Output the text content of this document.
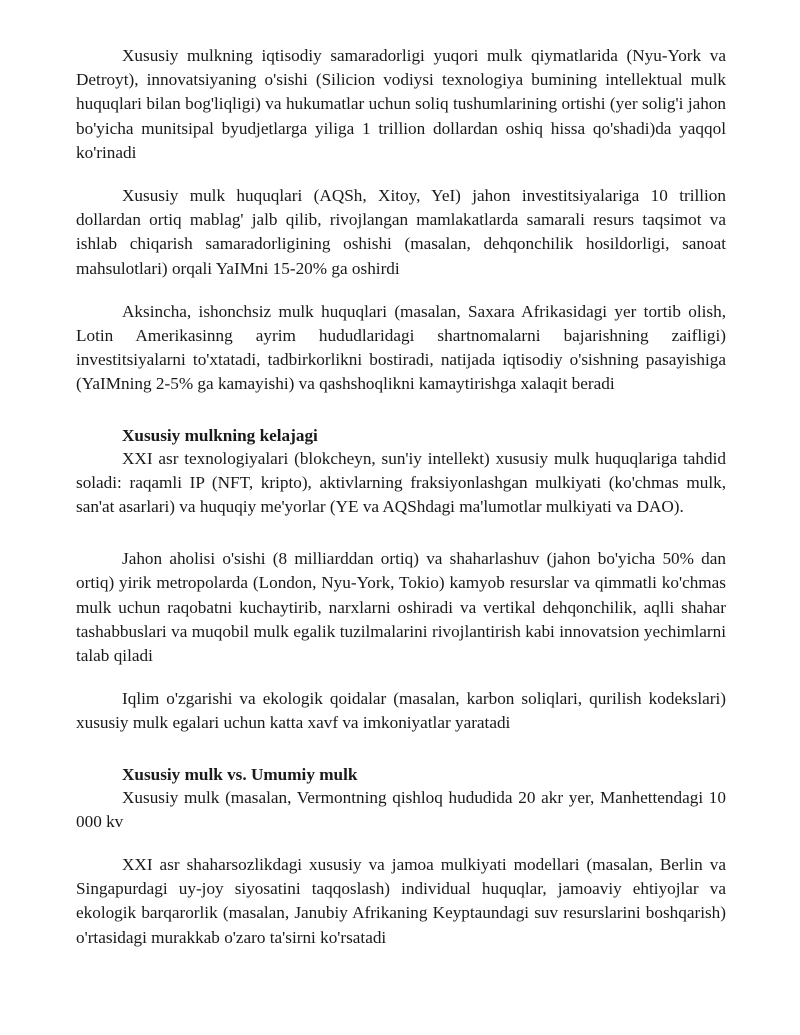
Xususiy mulkning iqtisodiy samaradorligi yuqori mulk qiymatlarida (Nyu-York va Detroyt), innovatsiyaning o'sishi (Silicion vodiysi texnologiya bumining intellektual mulk huquqlari bilan bog'liqligi) va hukumatlar uchun soliq tushumlarining ortishi (yer solig'i jahon bo'yicha munitsipal byudjetlarga yiliga 1 trillion dollardan oshiq hissa qo'shadi)da yaqqol ko'rinadi

Xususiy mulk huquqlari (AQSh, Xitoy, YeI) jahon investitsiyalariga 10 trillion dollardan ortiq mablag' jalb qilib, rivojlangan mamlakatlarda samarali resurs taqsimot va ishlab chiqarish samaradorligining oshishi (masalan, dehqonchilik hosildorligi, sanoat mahsulotlari) orqali YaIMni 15-20% ga oshirdi

Aksincha, ishonchsiz mulk huquqlari (masalan, Saxara Afrikasidagi yer tortib olish, Lotin Amerikasinng ayrim hududlaridagi shartnomalarni bajarishning zaifligi) investitsiyalarni to'xtatadi, tadbirkorlikni bostiradi, natijada iqtisodiy o'sishning pasayishiga (YaIMning 2-5% ga kamayishi) va qashshoqlikni kamaytirishga xalaqit beradi

Xususiy mulkning kelajagi

XXI asr texnologiyalari (blokcheyn, sun'iy intellekt) xususiy mulk huquqlariga tahdid soladi: raqamli IP (NFT, kripto), aktivlarning fraksiyonlashgan mulkiyati (ko'chmas mulk, san'at asarlari) va huquqiy me'yorlar (YE va AQShdagi ma'lumotlar mulkiyati va DAO).

Jahon aholisi o'sishi (8 milliarddan ortiq) va shaharlashuv (jahon bo'yicha 50% dan ortiq) yirik metropolarda (London, Nyu-York, Tokio) kamyob resurslar va qimmatli ko'chmas mulk uchun raqobatni kuchaytirib, narxlarni oshiradi va vertikal dehqonchilik, aqlli shahar tashabbuslari va muqobil mulk egalik tuzilmalarini rivojlantirish kabi innovatsion yechimlarni talab qiladi

Iqlim o'zgarishi va ekologik qoidalar (masalan, karbon soliqlari, qurilish kodekslari) xususiy mulk egalari uchun katta xavf va imkoniyatlar yaratadi

Xususiy mulk vs. Umumiy mulk

Xususiy mulk (masalan, Vermontning qishloq hududida 20 akr yer, Manhettendagi 10 000 kv

XXI asr shaharsozlikdagi xususiy va jamoa mulkiyati modellari (masalan, Berlin va Singapurdagi uy-joy siyosatini taqqoslash) individual huquqlar, jamoaviy ehtiyojlar va ekologik barqarorlik (masalan, Janubiy Afrikaning Keyptaundagi suv resurslarini boshqarish) o'rtasidagi murakkab o'zaro ta'sirni ko'rsatadi
